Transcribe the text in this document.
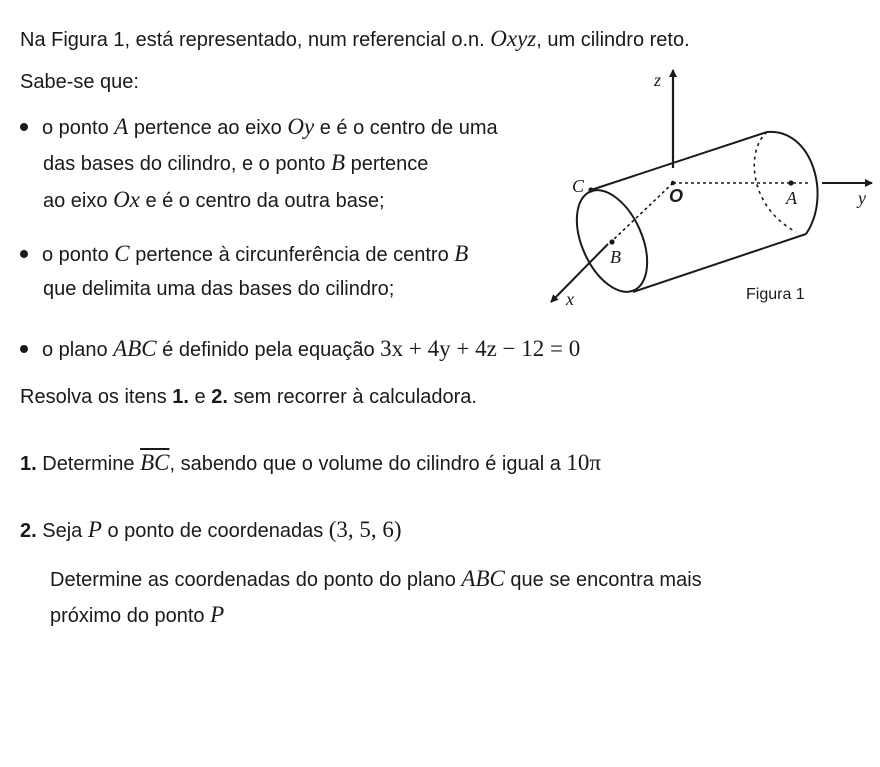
Na Figura 1, está representado, num referencial o.n. Oxyz, um cilindro reto.
Sabe-se que:
o ponto A pertence ao eixo Oy e é o centro de uma
das bases do cilindro, e o ponto B pertence
ao eixo Ox e é o centro da outra base;
o ponto C pertence à circunferência de centro B
que delimita uma das bases do cilindro;
o plano ABC é definido pela equação 3x + 4y + 4z − 12 = 0
Resolva os itens 1. e 2. sem recorrer à calculadora.
1. Determine $\overline{BC}$, sabendo que o volume do cilindro é igual a 10π
2. Seja P o ponto de coordenadas (3, 5, 6)
Determine as coordenadas do ponto do plano ABC que se encontra mais
próximo do ponto P
z
y
x
O	A
B
C
Figura 1
